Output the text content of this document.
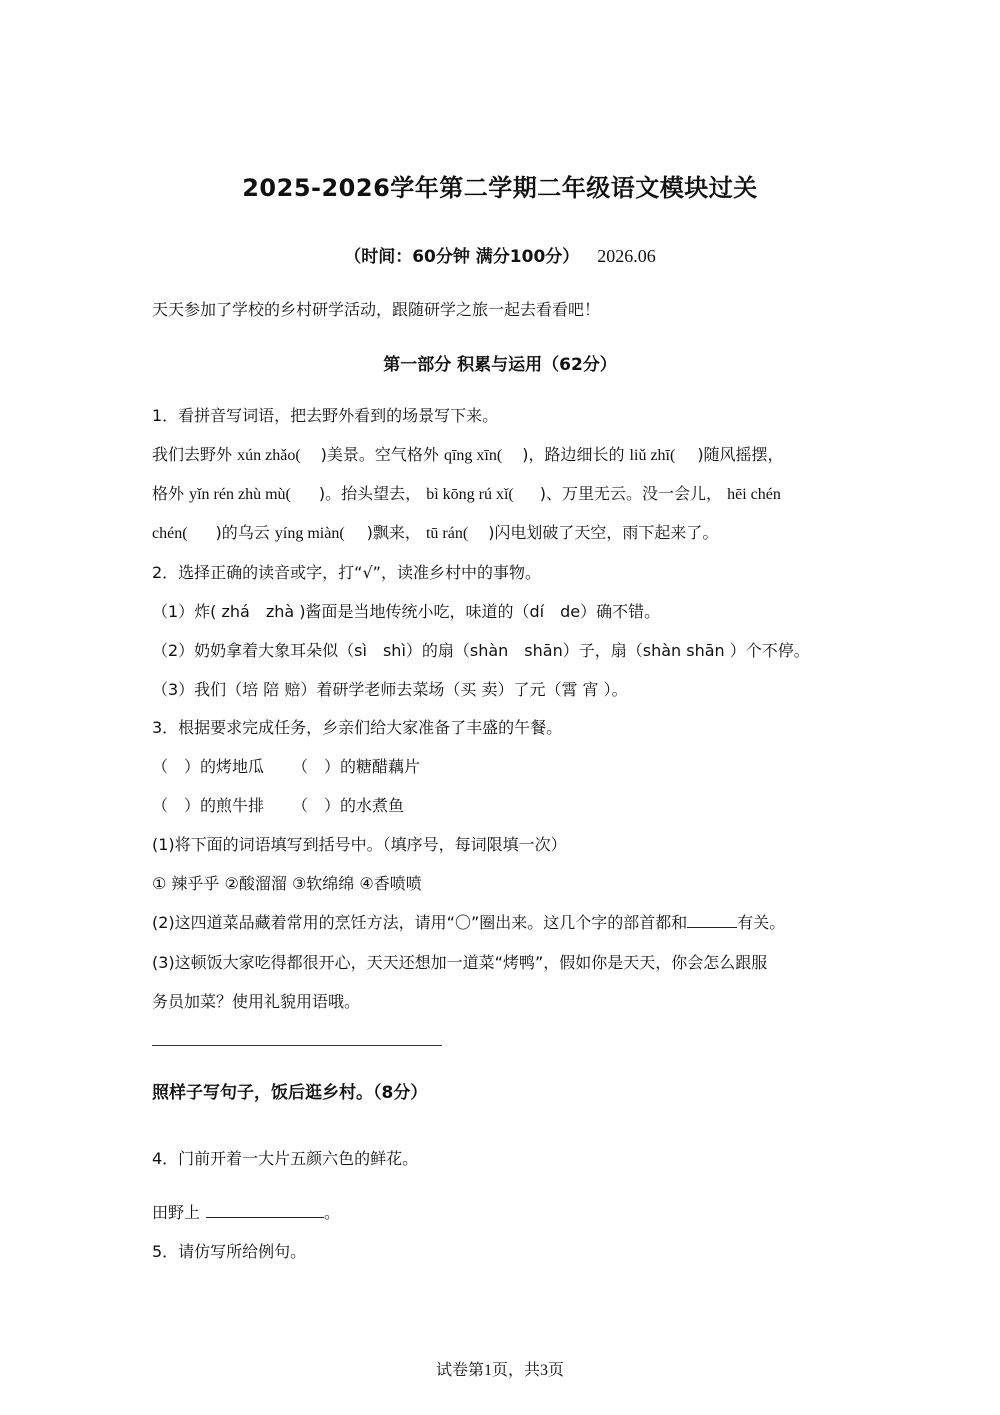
2025-2026学年第二学期二年级语文模块过关
（时间：60分钟 满分100分） 2026.06
天天参加了学校的乡村研学活动，跟随研学之旅一起去看看吧！
第一部分 积累与运用（62分）
1．看拼音写词语，把去野外看到的场景写下来。
我们去野外 xún zhǎo( )美景。空气格外 qīng xīn( )，路边细长的 liǔ zhī( )随风摇摆，
格外 yǐn rén zhù mù( )。抬头望去， bì kōng rú xǐ( )、万里无云。没一会儿， hēi chén
chén( )的乌云 yíng miàn( )飘来， tū rán( )闪电划破了天空，雨下起来了。
2．选择正确的读音或字，打“√”，读准乡村中的事物。
（1）炸( zhá　zhà )酱面是当地传统小吃，味道的（dí　de）确不错。
（2）奶奶拿着大象耳朵似（sì　shì）的扇（shàn　shān）子，扇（shàn shān ）个不停。
（3）我们（培 陪 赔）着研学老师去菜场（买 卖）了元（霄 宵 ）。
3．根据要求完成任务，乡亲们给大家准备了丰盛的午餐。
（　）的烤地瓜 （　）的糖醋藕片
（　）的煎牛排 （　）的水煮鱼
(1)将下面的词语填写到括号中。（填序号，每词限填一次）
① 辣乎乎 ②酸溜溜 ③软绵绵 ④香喷喷
(2)这四道菜品藏着常用的烹饪方法，请用“〇”圈出来。这几个字的部首都和	有关。
(3)这顿饭大家吃得都很开心，天天还想加一道菜“烤鸭”，假如你是天天，你会怎么跟服
务员加菜？使用礼貌用语哦。
照样子写句子，饭后逛乡村。（8分）
4．门前开着一大片五颜六色的鲜花。
田野上	。
5．请仿写所给例句。
试卷第1页，共3页
